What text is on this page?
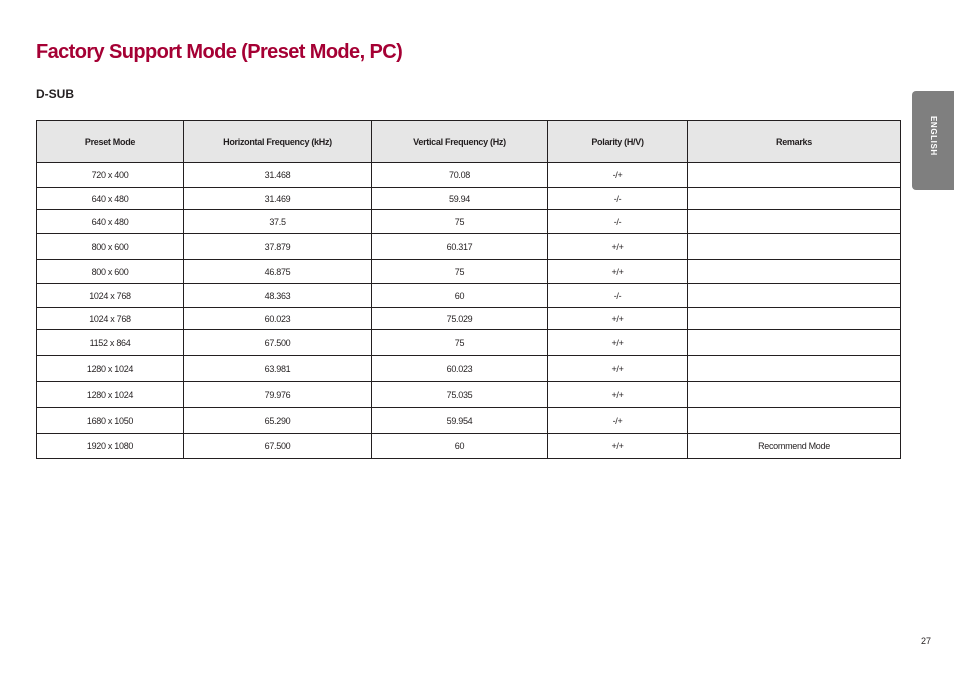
Factory Support Mode (Preset Mode, PC)
D-SUB
ENGLISH
Preset Mode	Horizontal Frequency (kHz)	Vertical Frequency (Hz)	Polarity (H/V)	Remarks
720 x 400	31.468	70.08	-/+	
640 x 480	31.469	59.94	-/-	
640 x 480	37.5	75	-/-	
800 x 600	37.879	60.317	+/+	
800 x 600	46.875	75	+/+	
1024 x 768	48.363	60	-/-	
1024 x 768	60.023	75.029	+/+	
1152 x 864	67.500	75	+/+	
1280 x 1024	63.981	60.023	+/+	
1280 x 1024	79.976	75.035	+/+	
1680 x 1050	65.290	59.954	-/+	
1920 x 1080	67.500	60	+/+	Recommend Mode
27
